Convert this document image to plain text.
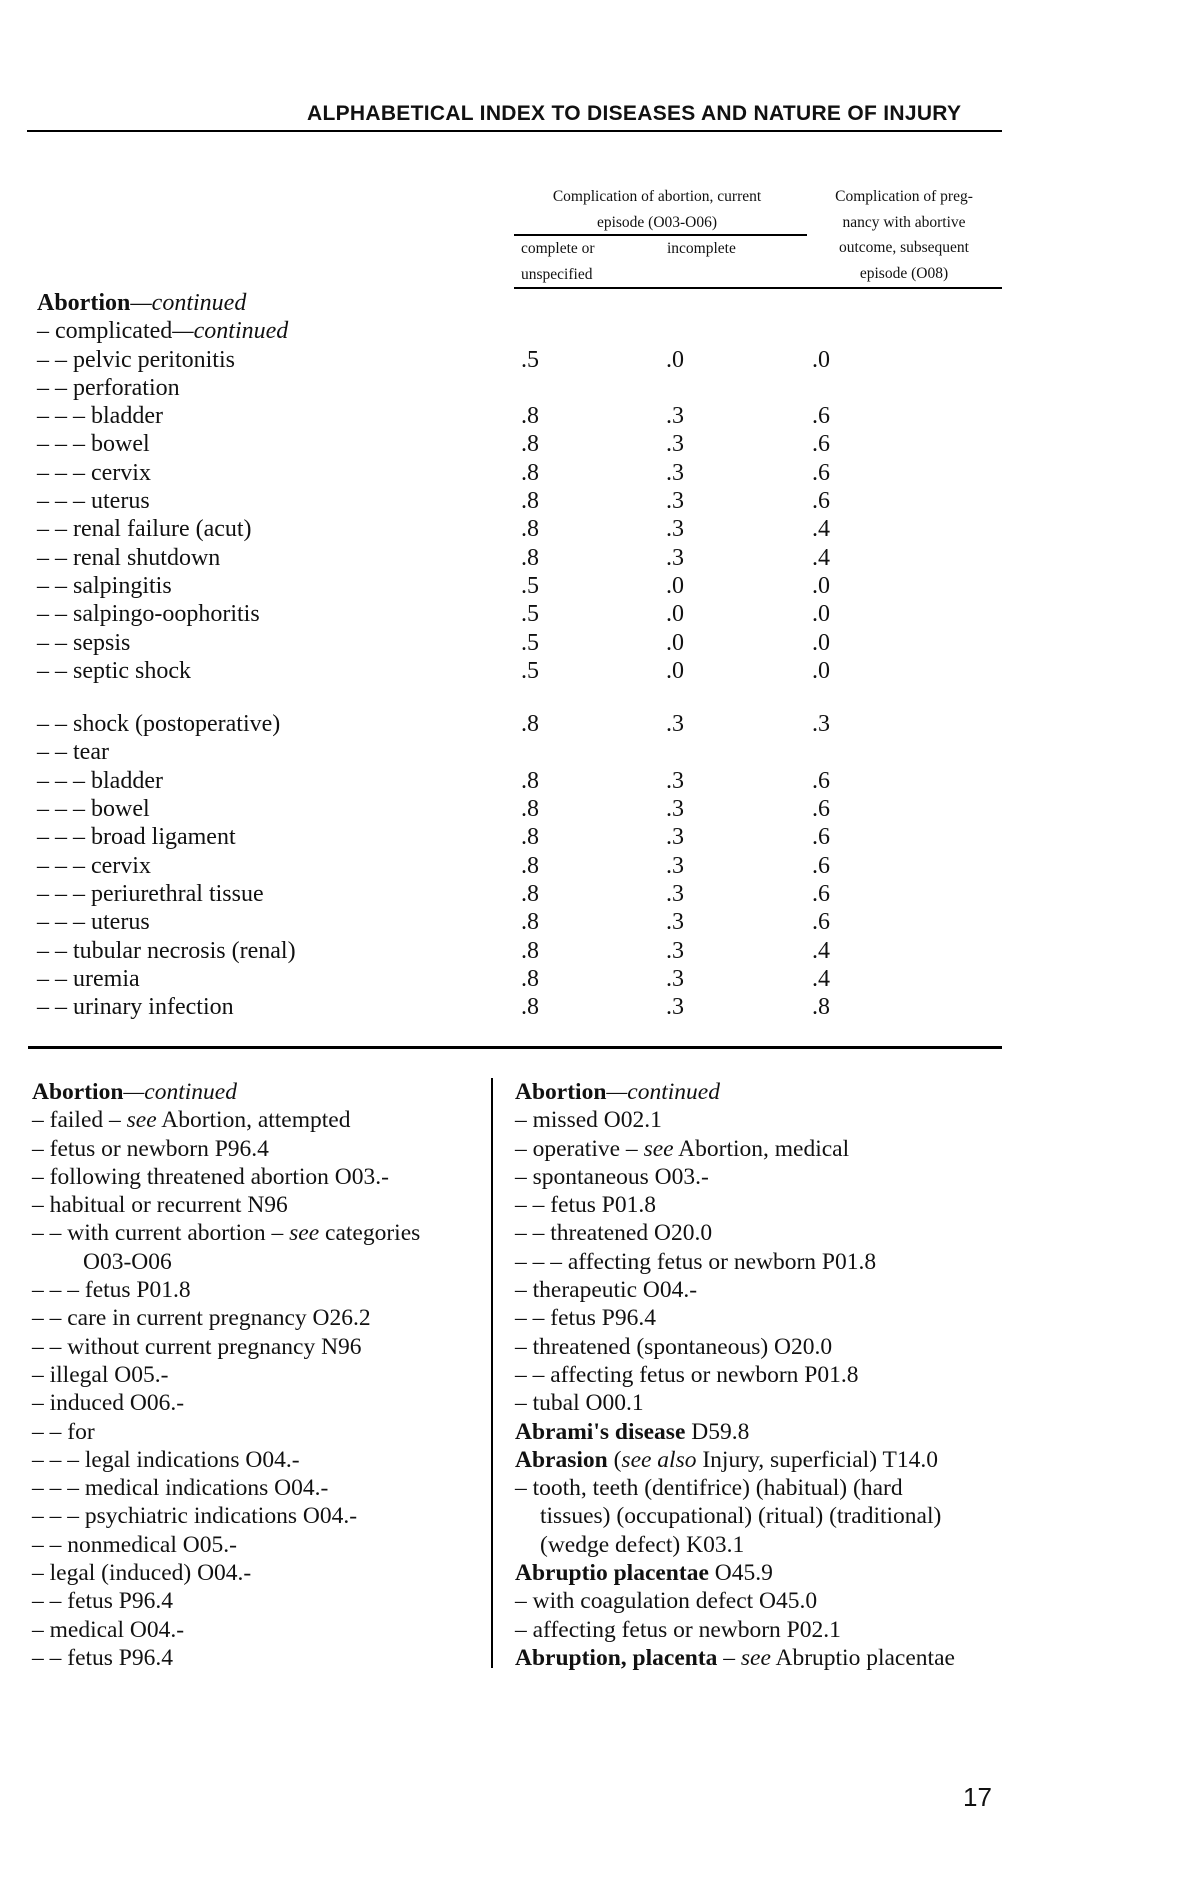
ALPHABETICAL INDEX TO DISEASES AND NATURE OF INJURY
Complication of abortion, current
episode (O03-O06)
complete or
unspecified
incomplete
Complication of preg-
nancy with abortive
outcome, subsequent
episode (O08)
Abortion—continued
– complicated—continued
– – pelvic peritonitis	.5	.0	.0
– – perforation
– – – bladder	.8	.3	.6
– – – bowel	.8	.3	.6
– – – cervix	.8	.3	.6
– – – uterus	.8	.3	.6
– – renal failure (acut)	.8	.3	.4
– – renal shutdown	.8	.3	.4
– – salpingitis	.5	.0	.0
– – salpingo-oophoritis	.5	.0	.0
– – sepsis	.5	.0	.0
– – septic shock	.5	.0	.0
– – shock (postoperative)	.8	.3	.3
– – tear
– – – bladder	.8	.3	.6
– – – bowel	.8	.3	.6
– – – broad ligament	.8	.3	.6
– – – cervix	.8	.3	.6
– – – periurethral tissue	.8	.3	.6
– – – uterus	.8	.3	.6
– – tubular necrosis (renal)	.8	.3	.4
– – uremia	.8	.3	.4
– – urinary infection	.8	.3	.8
Abortion—continued
– failed – see Abortion, attempted
– fetus or newborn P96.4
– following threatened abortion O03.-
– habitual or recurrent N96
– – with current abortion – see categories
O03-O06
– – – fetus P01.8
– – care in current pregnancy O26.2
– – without current pregnancy N96
– illegal O05.-
– induced O06.-
– – for
– – – legal indications O04.-
– – – medical indications O04.-
– – – psychiatric indications O04.-
– – nonmedical O05.-
– legal (induced) O04.-
– – fetus P96.4
– medical O04.-
– – fetus P96.4
Abortion—continued
– missed O02.1
– operative – see Abortion, medical
– spontaneous O03.-
– – fetus P01.8
– – threatened O20.0
– – – affecting fetus or newborn P01.8
– therapeutic O04.-
– – fetus P96.4
– threatened (spontaneous) O20.0
– – affecting fetus or newborn P01.8
– tubal O00.1
Abrami's disease D59.8
Abrasion (see also Injury, superficial) T14.0
– tooth, teeth (dentifrice) (habitual) (hard
tissues) (occupational) (ritual) (traditional)
(wedge defect) K03.1
Abruptio placentae O45.9
– with coagulation defect O45.0
– affecting fetus or newborn P02.1
Abruption, placenta – see Abruptio placentae
17
